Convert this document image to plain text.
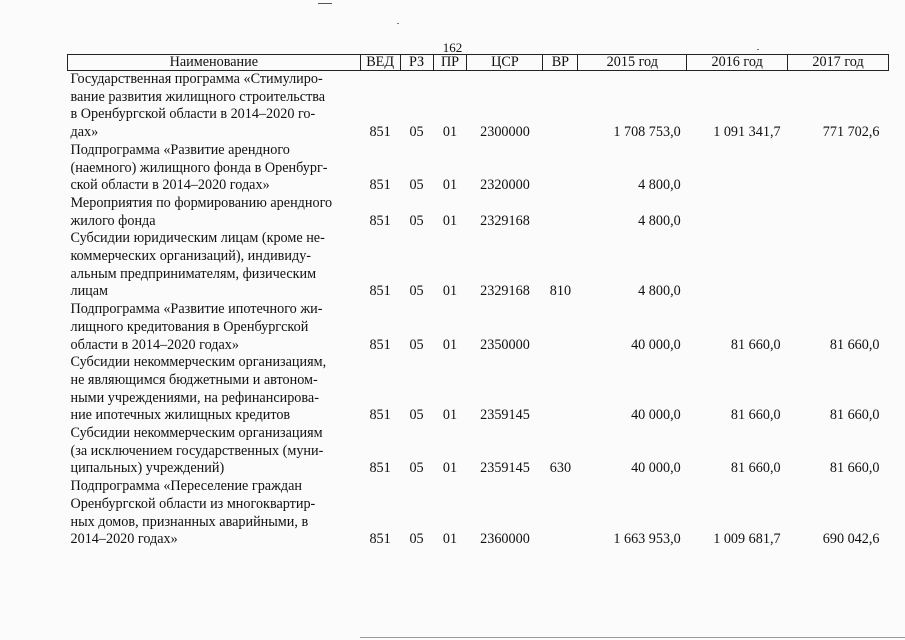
162
Наименование	ВЕД	РЗ	ПР	ЦСР	ВР	2015 год	2016 год	2017 год

Государственная программа «Стимулиро-
вание развития жилищного строительства
в Оренбургской области в 2014–2020 го-
дах»	851	05	01	2300000		1 708 753,0	1 091 341,7	771 702,6

Подпрограмма «Развитие арендного
(наемного) жилищного фонда в Оренбург-
ской области в 2014–2020 годах»	851	05	01	2320000		4 800,0		

Мероприятия по формированию арендного
жилого фонда	851	05	01	2329168		4 800,0		

Субсидии юридическим лицам (кроме не-
коммерческих организаций), индивиду-
альным предпринимателям, физическим
лицам	851	05	01	2329168	810	4 800,0		

Подпрограмма «Развитие ипотечного жи-
лищного кредитования в Оренбургской
области в 2014–2020 годах»	851	05	01	2350000		40 000,0	81 660,0	81 660,0

Субсидии некоммерческим организациям,
не являющимся бюджетными и автоном-
ными учреждениями, на рефинансирова-
ние ипотечных жилищных кредитов	851	05	01	2359145		40 000,0	81 660,0	81 660,0

Субсидии некоммерческим организациям
(за исключением государственных (муни-
ципальных) учреждений)	851	05	01	2359145	630	40 000,0	81 660,0	81 660,0

Подпрограмма «Переселение граждан
Оренбургской области из многоквартир-
ных домов, признанных аварийными, в
2014–2020 годах»	851	05	01	2360000		1 663 953,0	1 009 681,7	690 042,6
